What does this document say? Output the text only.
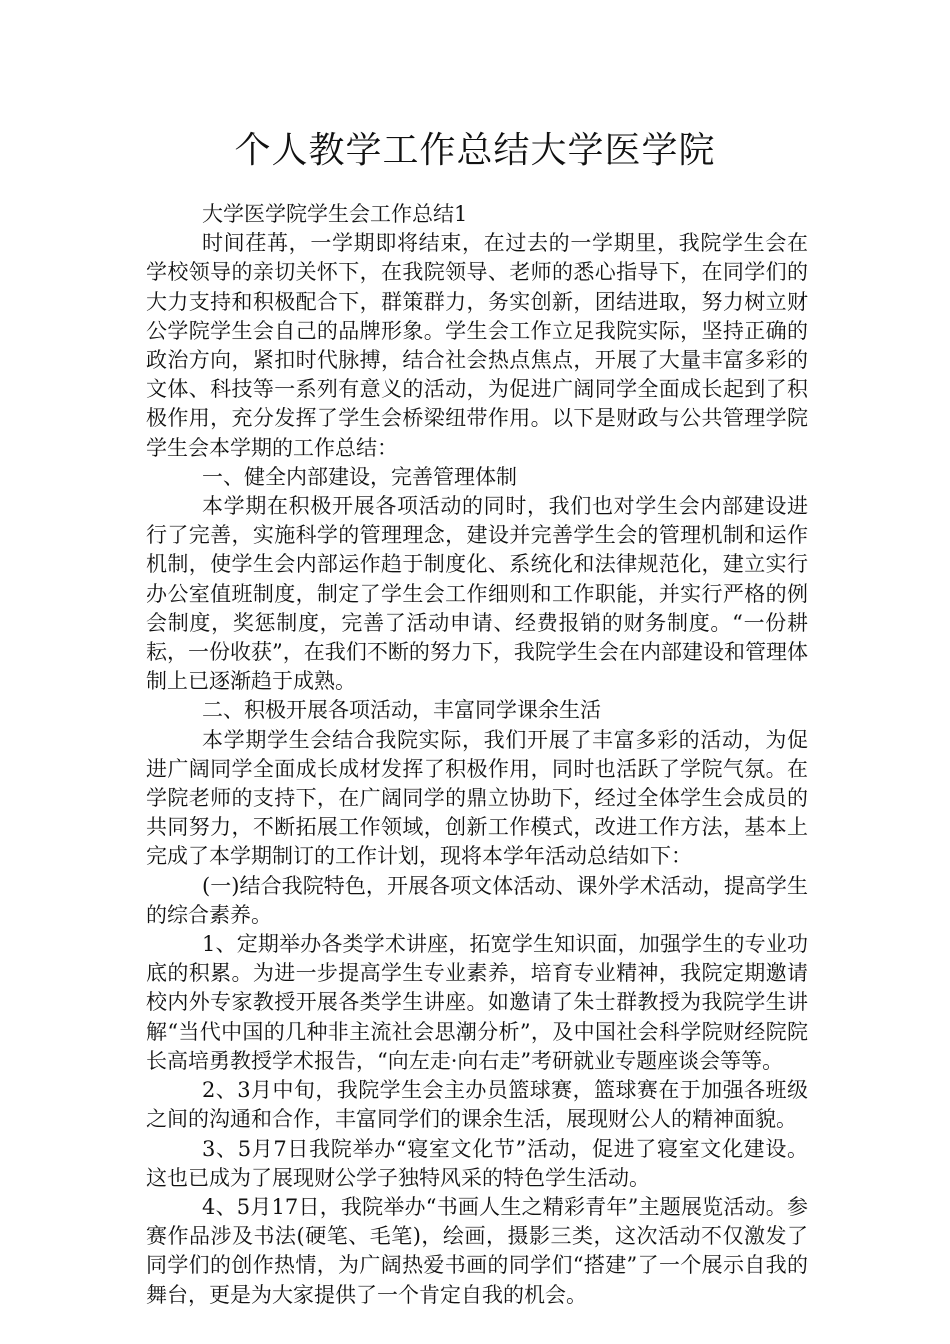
个人教学工作总结大学医学院

大学医学院学生会工作总结1

时间荏苒，一学期即将结束，在过去的一学期里，我院学生会在学校领导的亲切关怀下，在我院领导、老师的悉心指导下，在同学们的大力支持和积极配合下，群策群力，务实创新，团结进取，努力树立财公学院学生会自己的品牌形象。学生会工作立足我院实际，坚持正确的政治方向，紧扣时代脉搏，结合社会热点焦点，开展了大量丰富多彩的文体、科技等一系列有意义的活动，为促进广阔同学全面成长起到了积极作用，充分发挥了学生会桥梁纽带作用。以下是财政与公共管理学院学生会本学期的工作总结：

一、健全内部建设，完善管理体制

本学期在积极开展各项活动的同时，我们也对学生会内部建设进行了完善，实施科学的管理理念，建设并完善学生会的管理机制和运作机制，使学生会内部运作趋于制度化、系统化和法律规范化，建立实行办公室值班制度，制定了学生会工作细则和工作职能，并实行严格的例会制度，奖惩制度，完善了活动申请、经费报销的财务制度。“一份耕耘，一份收获”，在我们不断的努力下，我院学生会在内部建设和管理体制上已逐渐趋于成熟。

二、积极开展各项活动，丰富同学课余生活

本学期学生会结合我院实际，我们开展了丰富多彩的活动，为促进广阔同学全面成长成材发挥了积极作用，同时也活跃了学院气氛。在学院老师的支持下，在广阔同学的鼎立协助下，经过全体学生会成员的共同努力，不断拓展工作领域，创新工作模式，改进工作方法，基本上完成了本学期制订的工作计划，现将本学年活动总结如下：

(一)结合我院特色，开展各项文体活动、课外学术活动，提高学生的综合素养。

1、定期举办各类学术讲座，拓宽学生知识面，加强学生的专业功底的积累。为进一步提高学生专业素养，培育专业精神，我院定期邀请校内外专家教授开展各类学生讲座。如邀请了朱士群教授为我院学生讲解“当代中国的几种非主流社会思潮分析”，及中国社会科学院财经院院长高培勇教授学术报告，“向左走·向右走”考研就业专题座谈会等等。

2、3月中旬，我院学生会主办员篮球赛，篮球赛在于加强各班级之间的沟通和合作，丰富同学们的课余生活，展现财公人的精神面貌。

3、5月7日我院举办“寝室文化节”活动，促进了寝室文化建设。这也已成为了展现财公学子独特风采的特色学生活动。

4、5月17日，我院举办“书画人生之精彩青年”主题展览活动。参赛作品涉及书法(硬笔、毛笔)，绘画，摄影三类，这次活动不仅激发了同学们的创作热情，为广阔热爱书画的同学们“搭建”了一个展示自我的舞台，更是为大家提供了一个肯定自我的机会。
